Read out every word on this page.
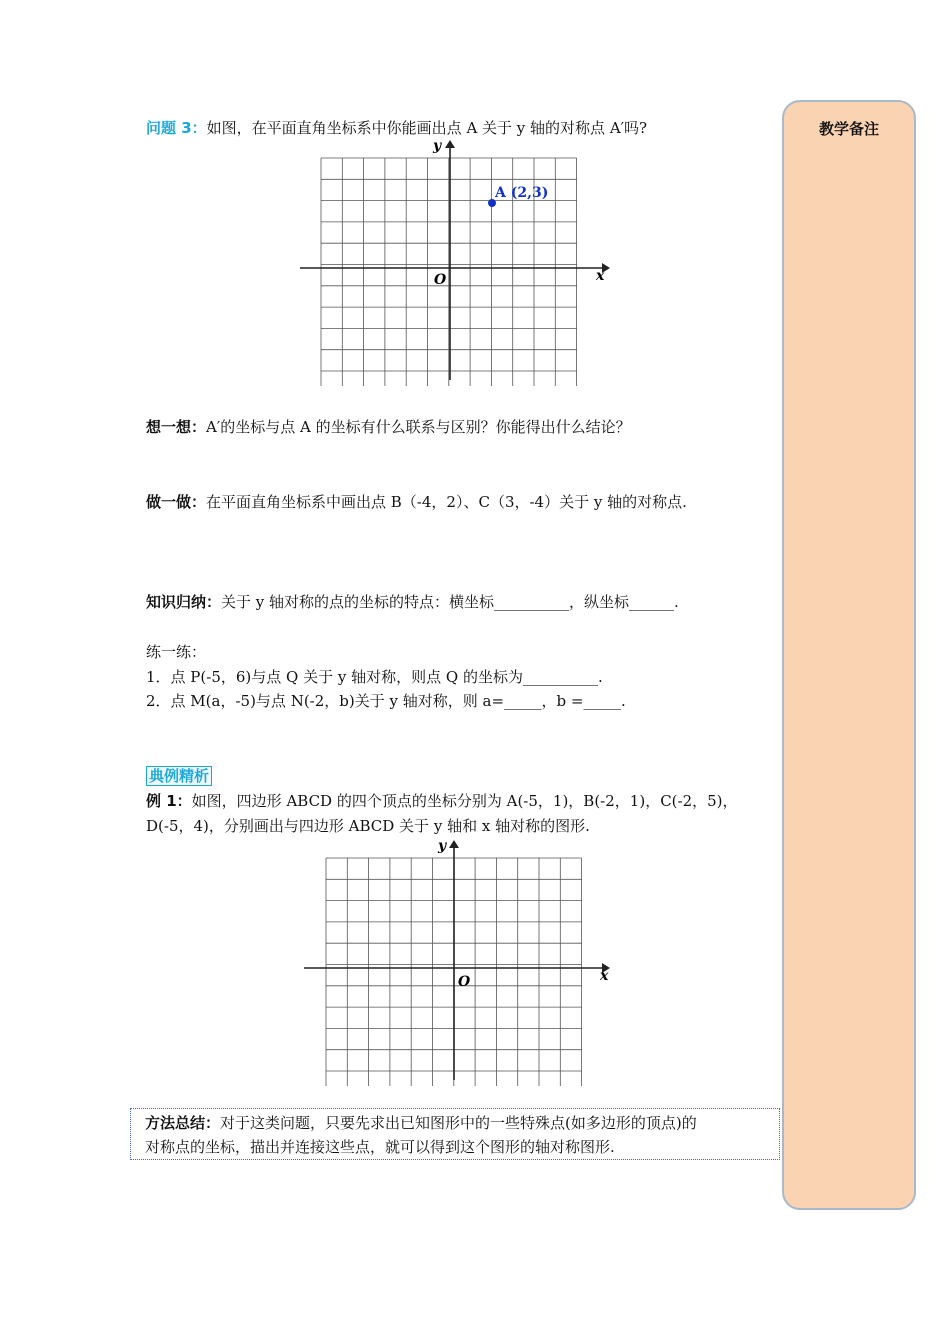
教学备注
问题 3：如图，在平面直角坐标系中你能画出点 A 关于 y 轴的对称点 A′吗?
x
y
O
A (2,3)
想一想：A′的坐标与点 A 的坐标有什么联系与区别？你能得出什么结论？
做一做：在平面直角坐标系中画出点 B（-4，2）、C（3，-4）关于 y 轴的对称点.
知识归纳：关于 y 轴对称的点的坐标的特点：横坐标__________，纵坐标______.
练一练：
1．点 P(-5，6)与点 Q 关于 y 轴对称，则点 Q 的坐标为__________.
2．点 M(a，-5)与点 N(-2，b)关于 y 轴对称，则 a=_____，b =_____.
典例精析
例 1：如图，四边形 ABCD 的四个顶点的坐标分别为 A(-5，1)，B(-2，1)，C(-2，5)，
D(-5，4)，分别画出与四边形 ABCD 关于 y 轴和 x 轴对称的图形.
x
y
O
方法总结：对于这类问题，只要先求出已知图形中的一些特殊点(如多边形的顶点)的
对称点的坐标，描出并连接这些点，就可以得到这个图形的轴对称图形.
